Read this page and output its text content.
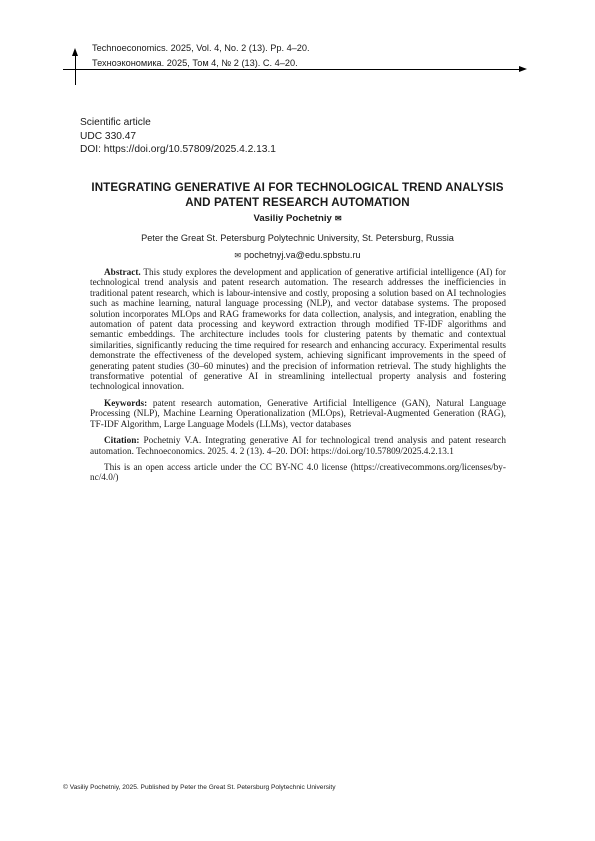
Technoeconomics. 2025, Vol. 4, No. 2 (13). Pp. 4–20.
Техноэкономика. 2025, Том 4, № 2 (13). С. 4–20.
Scientific article
UDC 330.47
DOI: https://doi.org/10.57809/2025.4.2.13.1
INTEGRATING GENERATIVE AI FOR TECHNOLOGICAL TREND ANALYSIS AND PATENT RESEARCH AUTOMATION
Vasiliy Pochetniy ✉
Peter the Great St. Petersburg Polytechnic University, St. Petersburg, Russia
✉ pochetnyj.va@edu.spbstu.ru

Abstract. This study explores the development and application of generative artificial intelligence (AI) for technological trend analysis and patent research automation. The research addresses the inefficiencies in traditional patent research, which is labour-intensive and costly, proposing a solution based on AI technologies such as machine learning, natural language processing (NLP), and vector database systems. The proposed solution incorporates MLOps and RAG frameworks for data collection, analysis, and integration, enabling the automation of patent data processing and keyword extraction through modified TF-IDF algorithms and semantic embeddings. The architecture includes tools for clustering patents by thematic and contextual similarities, significantly reducing the time required for research and enhancing accuracy. Experimental results demonstrate the effectiveness of the developed system, achieving significant improvements in the speed of generating patent studies (30–60 minutes) and the precision of information retrieval. The study highlights the transformative potential of generative AI in streamlining intellectual property analysis and fostering technological innovation.

Keywords: patent research automation, Generative Artificial Intelligence (GAN), Natural Language Processing (NLP), Machine Learning Operationalization (MLOps), Retrieval-Augmented Generation (RAG), TF-IDF Algorithm, Large Language Models (LLMs), vector databases

Citation: Pochetniy V.A. Integrating generative AI for technological trend analysis and patent research automation. Technoeconomics. 2025. 4. 2 (13). 4–20. DOI: https://doi.org/10.57809/2025.4.2.13.1

This is an open access article under the CC BY-NC 4.0 license (https://creativecommons.org/licenses/by-nc/4.0/)

© Vasiliy Pochetniy, 2025. Published by Peter the Great St. Petersburg Polytechnic University
